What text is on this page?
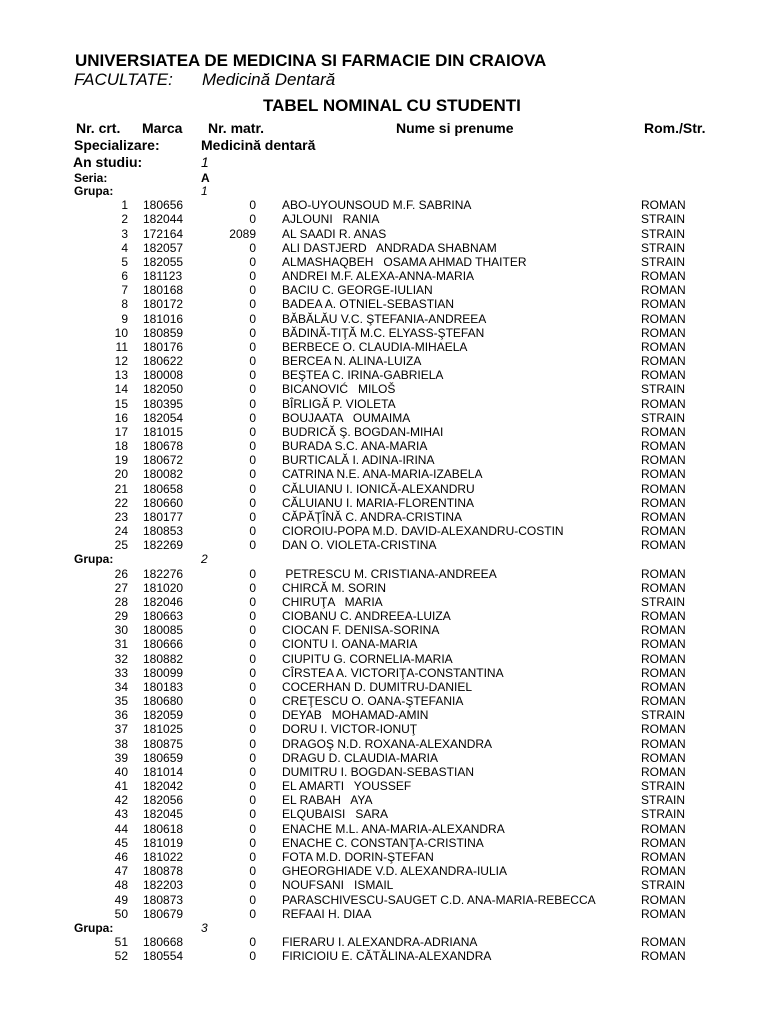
UNIVERSIATEA DE MEDICINA SI FARMACIE DIN CRAIOVA
FACULTATE: Medicină Dentară
TABEL NOMINAL CU STUDENTI
Nr. crt. Marca Nr. matr.	Nume si prenume	Rom./Str.
Specializare:	Medicină dentară
An studiu:	1
Seria:	A
Grupa:	1
1 180656	0 ABO-UYOUNSOUD M.F. SABRINA	ROMAN
2 182044	0 AJLOUNI   RANIA	STRAIN
3 172164	2089 AL SAADI R. ANAS	STRAIN
4 182057	0 ALI DASTJERD   ANDRADA SHABNAM	STRAIN
5 182055	0 ALMASHAQBEH   OSAMA AHMAD THAITER	STRAIN
6 181123	0 ANDREI M.F. ALEXA-ANNA-MARIA	ROMAN
7 180168	0 BACIU C. GEORGE-IULIAN	ROMAN
8 180172	0 BADEA A. OTNIEL-SEBASTIAN	ROMAN
9 181016	0 BĂBĂLĂU V.C. ŞTEFANIA-ANDREEA	ROMAN
10 180859	0 BĂDINĂ-TIŢĂ M.C. ELYASS-ŞTEFAN	ROMAN
11 180176	0 BERBECE O. CLAUDIA-MIHAELA	ROMAN
12 180622	0 BERCEA N. ALINA-LUIZA	ROMAN
13 180008	0 BEŞTEA C. IRINA-GABRIELA	ROMAN
14 182050	0 BICANOVIĆ   MILOŠ	STRAIN
15 180395	0 BÎRLIGĂ P. VIOLETA	ROMAN
16 182054	0 BOUJAATA   OUMAIMA	STRAIN
17 181015	0 BUDRICĂ Ş. BOGDAN-MIHAI	ROMAN
18 180678	0 BURADA S.C. ANA-MARIA	ROMAN
19 180672	0 BURTICALĂ I. ADINA-IRINA	ROMAN
20 180082	0 CATRINA N.E. ANA-MARIA-IZABELA	ROMAN
21 180658	0 CĂLUIANU I. IONICĂ-ALEXANDRU	ROMAN
22 180660	0 CĂLUIANU I. MARIA-FLORENTINA	ROMAN
23 180177	0 CĂPĂŢÎNĂ C. ANDRA-CRISTINA	ROMAN
24 180853	0 CIOROIU-POPA M.D. DAVID-ALEXANDRU-COSTIN	ROMAN
25 182269	0 DAN O. VIOLETA-CRISTINA	ROMAN
Grupa:	2
26 182276	0 PETRESCU M. CRISTIANA-ANDREEA	ROMAN
27 181020	0 CHIRCĂ M. SORIN	ROMAN
28 182046	0 CHIRUŢA   MARIA	STRAIN
29 180663	0 CIOBANU C. ANDREEA-LUIZA	ROMAN
30 180085	0 CIOCAN F. DENISA-SORINA	ROMAN
31 180666	0 CIONTU I. OANA-MARIA	ROMAN
32 180882	0 CIUPITU G. CORNELIA-MARIA	ROMAN
33 180099	0 CÎRSTEA A. VICTORIŢA-CONSTANTINA	ROMAN
34 180183	0 COCERHAN D. DUMITRU-DANIEL	ROMAN
35 180680	0 CREŢESCU O. OANA-ŞTEFANIA	ROMAN
36 182059	0 DEYAB   MOHAMAD-AMIN	STRAIN
37 181025	0 DORU I. VICTOR-IONUŢ	ROMAN
38 180875	0 DRAGOŞ N.D. ROXANA-ALEXANDRA	ROMAN
39 180659	0 DRAGU D. CLAUDIA-MARIA	ROMAN
40 181014	0 DUMITRU I. BOGDAN-SEBASTIAN	ROMAN
41 182042	0 EL AMARTI   YOUSSEF	STRAIN
42 182056	0 EL RABAH   AYA	STRAIN
43 182045	0 ELQUBAISI   SARA	STRAIN
44 180618	0 ENACHE M.L. ANA-MARIA-ALEXANDRA	ROMAN
45 181019	0 ENACHE C. CONSTANŢA-CRISTINA	ROMAN
46 181022	0 FOTA M.D. DORIN-ŞTEFAN	ROMAN
47 180878	0 GHEORGHIADE V.D. ALEXANDRA-IULIA	ROMAN
48 182203	0 NOUFSANI   ISMAIL	STRAIN
49 180873	0 PARASCHIVESCU-SAUGET C.D. ANA-MARIA-REBECCA	ROMAN
50 180679	0 REFAAI H. DIAA	ROMAN
Grupa:	3
51 180668	0 FIERARU I. ALEXANDRA-ADRIANA	ROMAN
52 180554	0 FIRICIOIU E. CĂTĂLINA-ALEXANDRA	ROMAN
